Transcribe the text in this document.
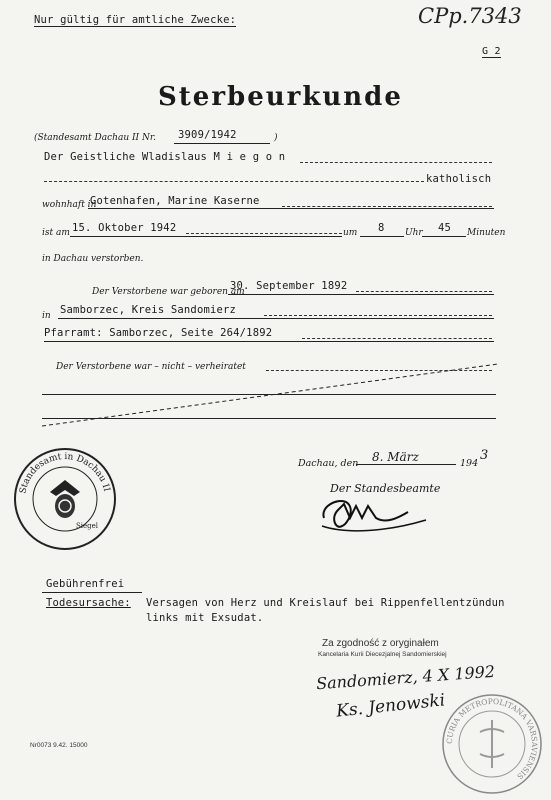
Nur gültig für amtliche Zwecke:	CPp.7343
G 2
Sterbeurkunde
(Standesamt Dachau II Nr. 3909/1942	)
Der Geistliche Wladislaus M i e g o n
katholisch
wohnhaft in
Gotenhafen, Marine Kaserne
ist am 15. Oktober 1942	um 8 Uhr 45 Minuten
in Dachau verstorben.
Der Verstorbene war geboren am
30. September 1892
in Samborzec, Kreis Sandomierz
Pfarramt: Samborzec, Seite 264/1892
Der Verstorbene war – nicht – verheiratet
Dachau, den 8. März	194
3
Der Standesbeamte
Standesamt in Dachau II
Siegel
Gebührenfrei
Todesursache: Versagen von Herz und Kreislauf bei Rippenfellentzündun
links mit Exsudat.
Za zgodność z oryginałem
Kancelaria Kurii Diecezjalnej Sandomierskiej
Sandomierz, 4 X 1992
Ks. Jenowski
CURIA METROPOLITANA VARSAVIENSIS
Nr0073 9.42. 15000
